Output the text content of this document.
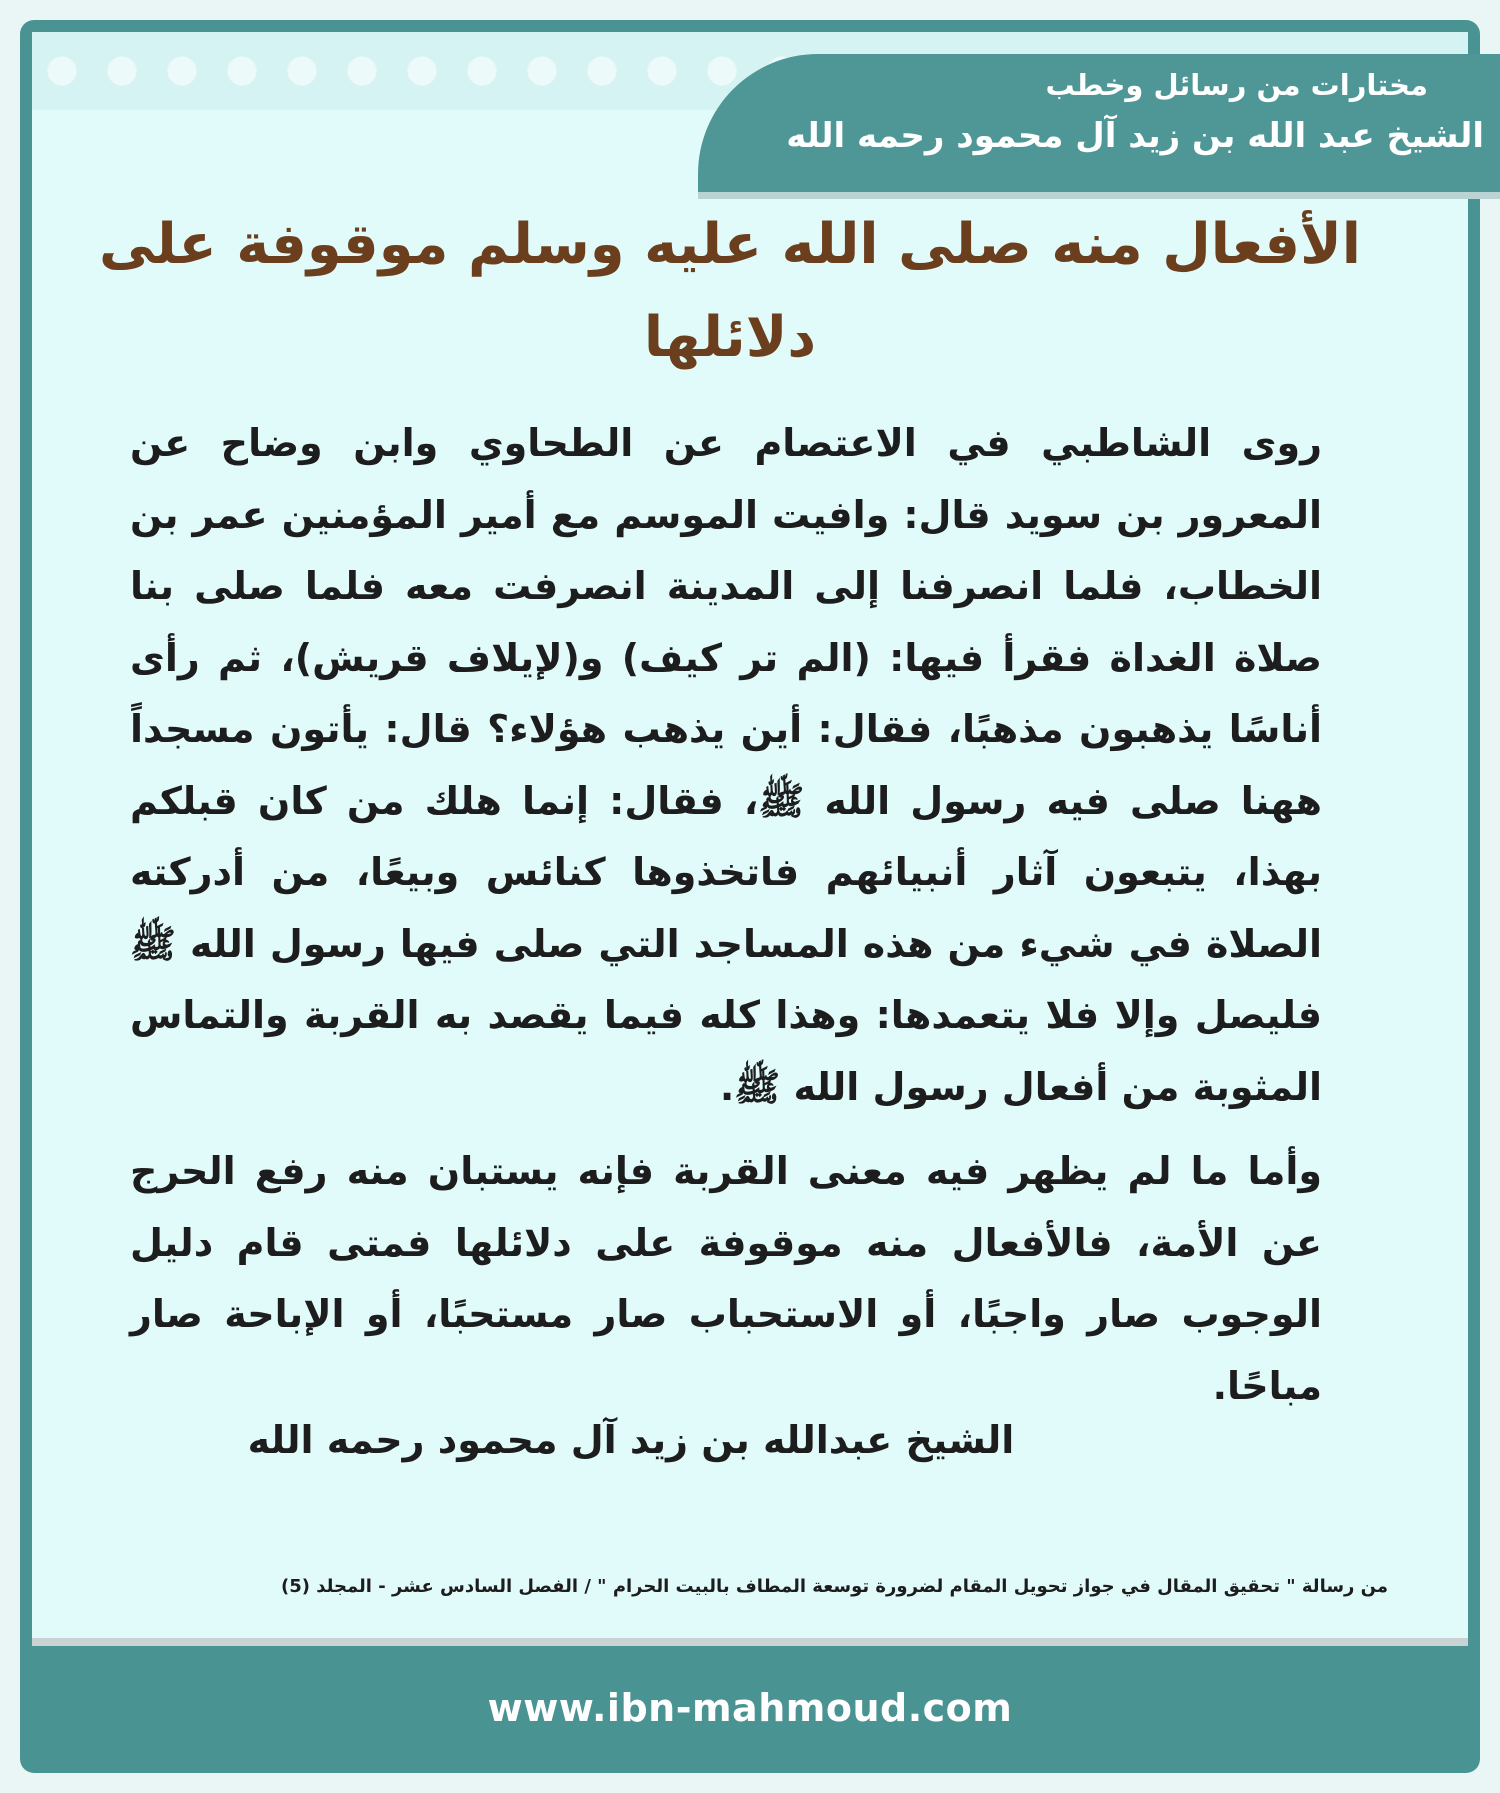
مختارات من رسائل وخطب
الشيخ عبد الله بن زيد آل محمود رحمه الله
الأفعال منه صلى الله عليه وسلم موقوفة على دلائلها

روى الشاطبي في الاعتصام عن الطحاوي وابن وضاح عن المعرور بن سويد قال: وافيت الموسم مع أمير المؤمنين عمر بن الخطاب، فلما انصرفنا إلى المدينة انصرفت معه فلما صلى بنا صلاة الغداة فقرأ فيها: (الم تر كيف) و(لإيلاف قريش)، ثم رأى أناسًا يذهبون مذهبًا، فقال: أين يذهب هؤلاء؟ قال: يأتون مسجداً ههنا صلى فيه رسول الله ﷺ، فقال: إنما هلك من كان قبلكم بهذا، يتبعون آثار أنبيائهم فاتخذوها كنائس وبيعًا، من أدركته الصلاة في شيء من هذه المساجد التي صلى فيها رسول الله ﷺ فليصل وإلا فلا يتعمدها: وهذا كله فيما يقصد به القربة والتماس المثوبة من أفعال رسول الله ﷺ.

وأما ما لم يظهر فيه معنى القربة فإنه يستبان منه رفع الحرج عن الأمة، فالأفعال منه موقوفة على دلائلها فمتى قام دليل الوجوب صار واجبًا، أو الاستحباب صار مستحبًا، أو الإباحة صار مباحًا.

الشيخ عبدالله بن زيد آل محمود رحمه الله

من رسالة " تحقيق المقال في جواز تحويل المقام لضرورة توسعة المطاف بالبيت الحرام " / الفصل السادس عشر - المجلد (5)
www.ibn-mahmoud.com
